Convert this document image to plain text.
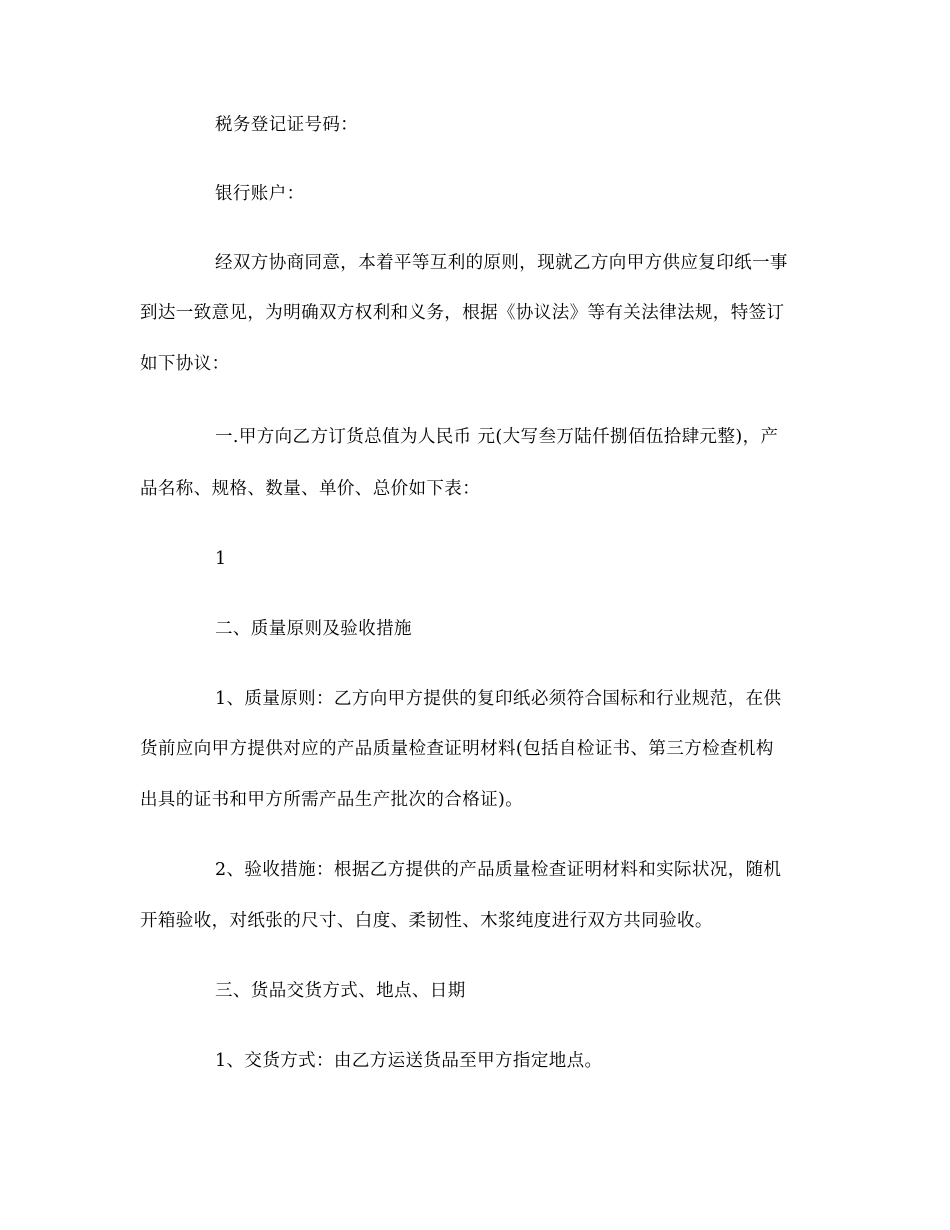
税务登记证号码：
银行账户：
经双方协商同意，本着平等互利的原则，现就乙方向甲方供应复印纸一事
到达一致意见，为明确双方权利和义务，根据《协议法》等有关法律法规，特签订
如下协议：
一.甲方向乙方订货总值为人民币 元(大写叁万陆仟捌佰伍拾肆元整)，产
品名称、规格、数量、单价、总价如下表：
1
二、质量原则及验收措施
1、质量原则：乙方向甲方提供的复印纸必须符合国标和行业规范，在供
货前应向甲方提供对应的产品质量检查证明材料(包括自检证书、第三方检查机构
出具的证书和甲方所需产品生产批次的合格证)。
2、验收措施：根据乙方提供的产品质量检查证明材料和实际状况，随机
开箱验收，对纸张的尺寸、白度、柔韧性、木浆纯度进行双方共同验收。
三、货品交货方式、地点、日期
1、交货方式：由乙方运送货品至甲方指定地点。
